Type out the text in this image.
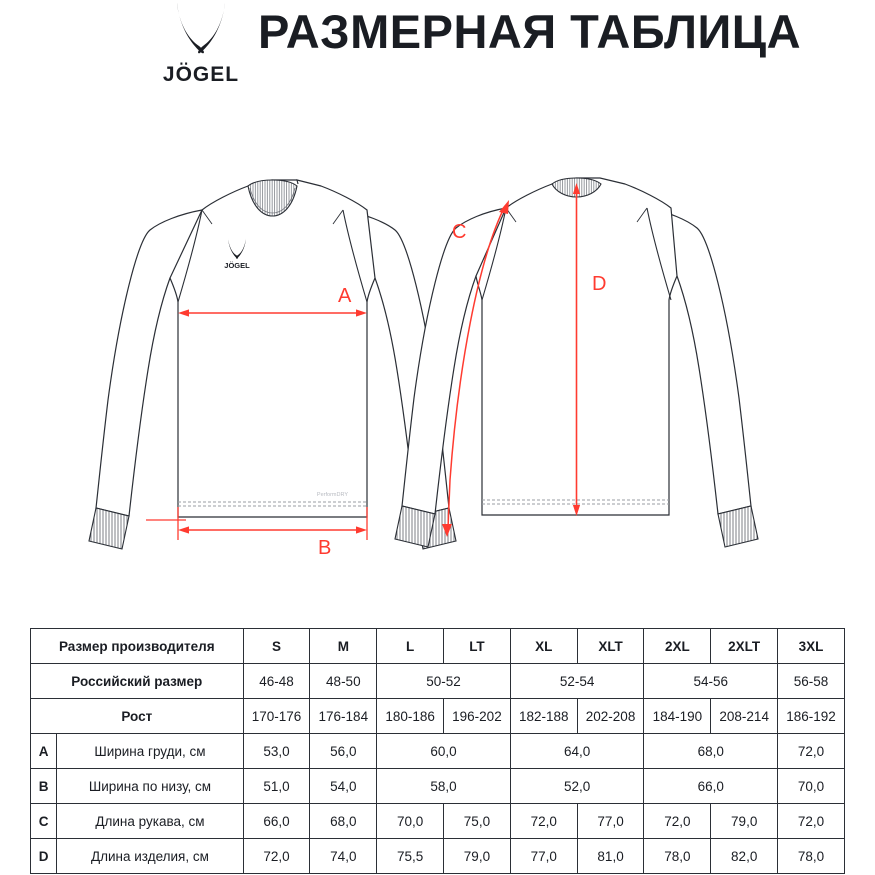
JÖGEL
РАЗМЕРНАЯ ТАБЛИЦА
JÖGEL
PerformDRY
A
B
C
D
Размер производителя		S	M	L	LT	XL	XLT	2XL	2XLT	3XL
Российский размер		46-48	48-50	50-52		52-54		54-56		56-58
Рост		170-176	176-184	180-186	196-202	182-188	202-208	184-190	208-214	186-192
A	Ширина груди, см	53,0	56,0	60,0		64,0		68,0		72,0
B	Ширина по низу, см	51,0	54,0	58,0		52,0		66,0		70,0
C	Длина рукава, см	66,0	68,0	70,0	75,0	72,0	77,0	72,0	79,0	72,0
D	Длина изделия, см	72,0	74,0	75,5	79,0	77,0	81,0	78,0	82,0	78,0
